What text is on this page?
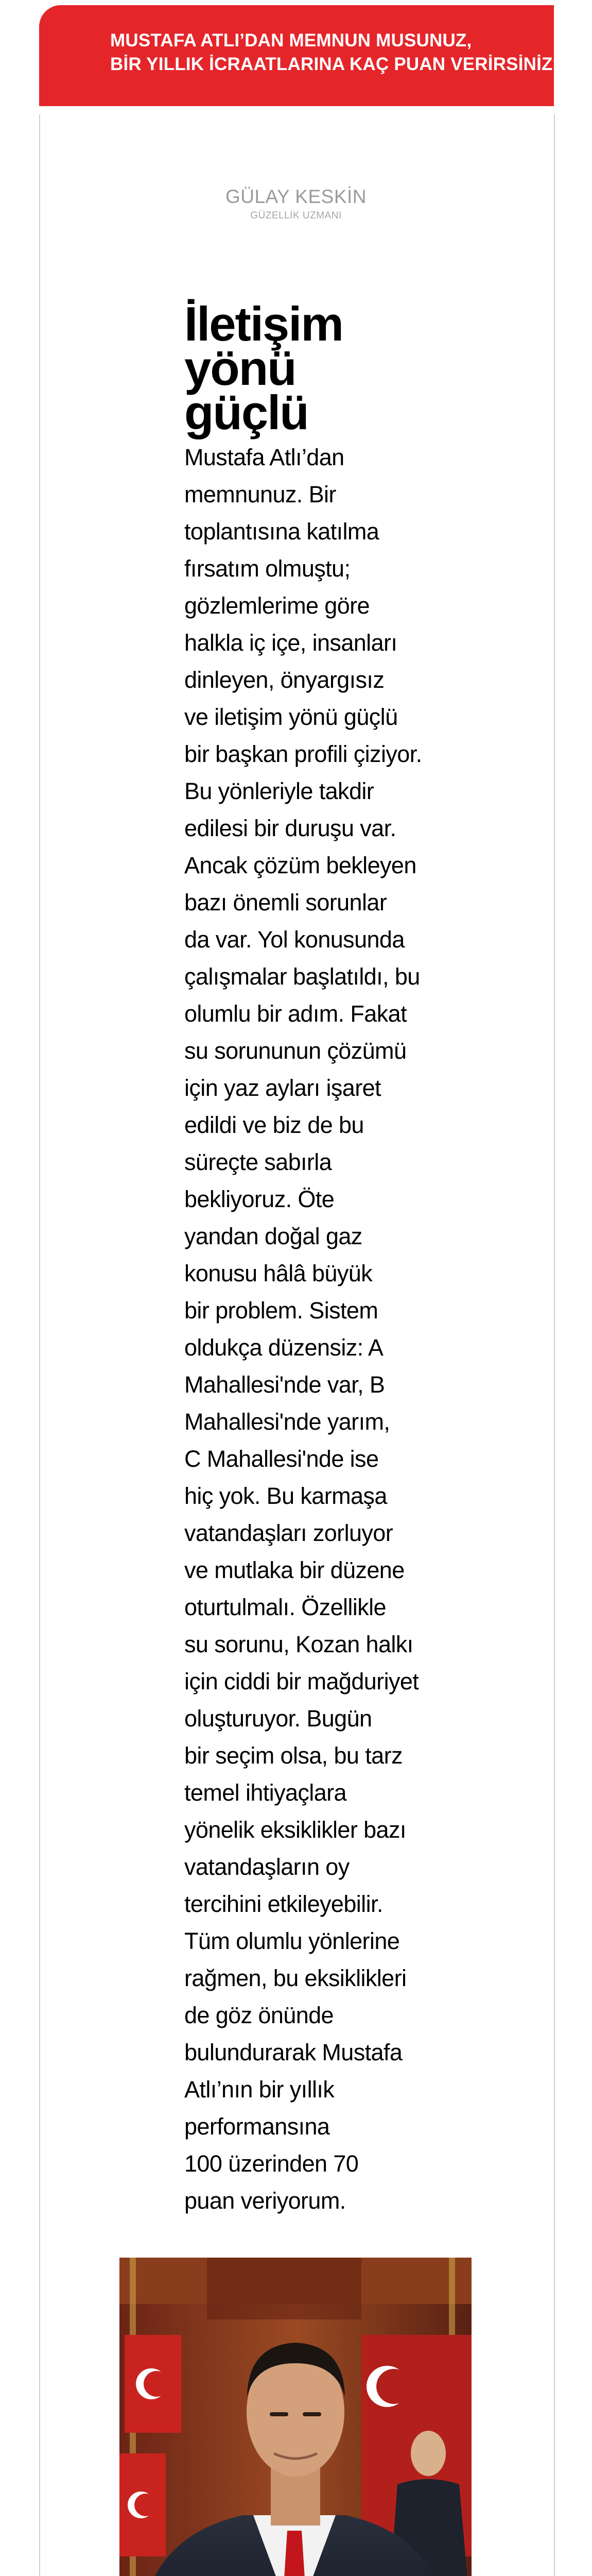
MUSTAFA ATLI’DAN MEMNUN MUSUNUZ,
BİR YILLIK İCRAATLARINA KAÇ PUAN VERİRSİNİZ?
GÜLAY KESKİN
GÜZELLİK UZMANI
İletişim
yönü
güçlü
Mustafa Atlı’dan
memnunuz. Bir
toplantısına katılma
fırsatım olmuştu;
gözlemlerime göre
halkla iç içe, insanları
dinleyen, önyargısız
ve iletişim yönü güçlü
bir başkan profili çiziyor.
Bu yönleriyle takdir
edilesi bir duruşu var.
Ancak çözüm bekleyen
bazı önemli sorunlar
da var. Yol konusunda
çalışmalar başlatıldı, bu
olumlu bir adım. Fakat
su sorununun çözümü
için yaz ayları işaret
edildi ve biz de bu
süreçte sabırla
bekliyoruz. Öte
yandan doğal gaz
konusu hâlâ büyük
bir problem. Sistem
oldukça düzensiz: A
Mahallesi'nde var, B
Mahallesi'nde yarım,
C Mahallesi'nde ise
hiç yok. Bu karmaşa
vatandaşları zorluyor
ve mutlaka bir düzene
oturtulmalı. Özellikle
su sorunu, Kozan halkı
için ciddi bir mağduriyet
oluşturuyor. Bugün
bir seçim olsa, bu tarz
temel ihtiyaçlara
yönelik eksiklikler bazı
vatandaşların oy
tercihini etkileyebilir.
Tüm olumlu yönlerine
rağmen, bu eksiklikleri
de göz önünde
bulundurarak Mustafa
Atlı’nın bir yıllık
performansına
100 üzerinden 70
puan veriyorum.
